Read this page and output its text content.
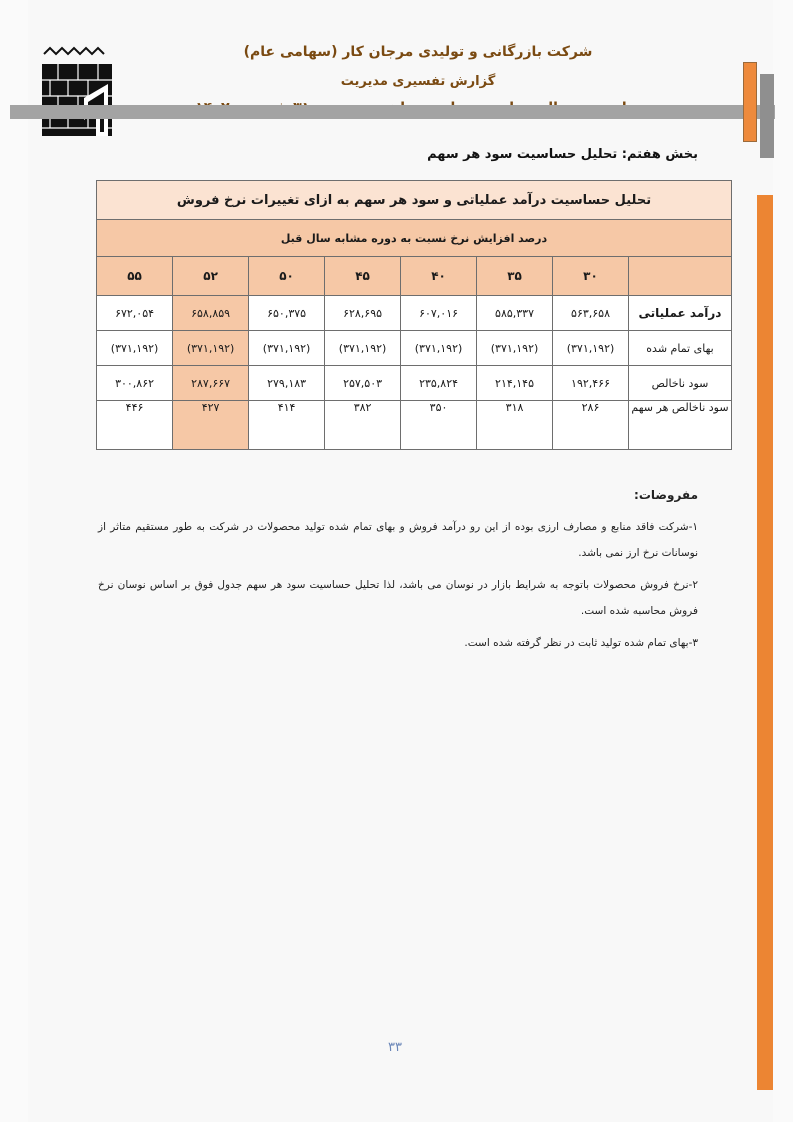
شرکت بازرگانی و تولیدی مرجان کار (سهامی عام)
گزارش تفسیری مدیریت
بخش هفتم: تحلیل حساسیت سود هر سهم
تحلیل حساسیت درآمد عملیاتی و سود هر سهم به ازای تغییرات نرخ فروش							
درصد افزایش نرخ نسبت به دوره مشابه سال قبل							
	۳۰	۳۵	۴۰	۴۵	۵۰	۵۲	۵۵
درآمد عملیاتی	۵۶۳,۶۵۸	۵۸۵,۳۳۷	۶۰۷,۰۱۶	۶۲۸,۶۹۵	۶۵۰,۳۷۵	۶۵۸,۸۵۹	۶۷۲,۰۵۴
بهای تمام شده	(۳۷۱,۱۹۲)	(۳۷۱,۱۹۲)	(۳۷۱,۱۹۲)	(۳۷۱,۱۹۲)	(۳۷۱,۱۹۲)	(۳۷۱,۱۹۲)	(۳۷۱,۱۹۲)
سود ناخالص	۱۹۲,۴۶۶	۲۱۴,۱۴۵	۲۳۵,۸۲۴	۲۵۷,۵۰۳	۲۷۹,۱۸۳	۲۸۷,۶۶۷	۳۰۰,۸۶۲
سود ناخالص هر سهم	۲۸۶	۳۱۸	۳۵۰	۳۸۲	۴۱۴	۴۲۷	۴۴۶
مفروضات:
۱-شرکت فاقد منابع و مصارف ارزی بوده از این رو درآمد فروش و بهای تمام شده تولید محصولات در شرکت به طور مستقیم متاثر از نوسانات نرخ ارز نمی باشد.
۲-نرخ فروش محصولات باتوجه به شرایط بازار در نوسان می باشد، لذا تحلیل حساسیت سود هر سهم جدول فوق بر اساس نوسان نرخ فروش محاسبه شده است.
۳-بهای تمام شده تولید ثابت در نظر گرفته شده است.
۳۳
